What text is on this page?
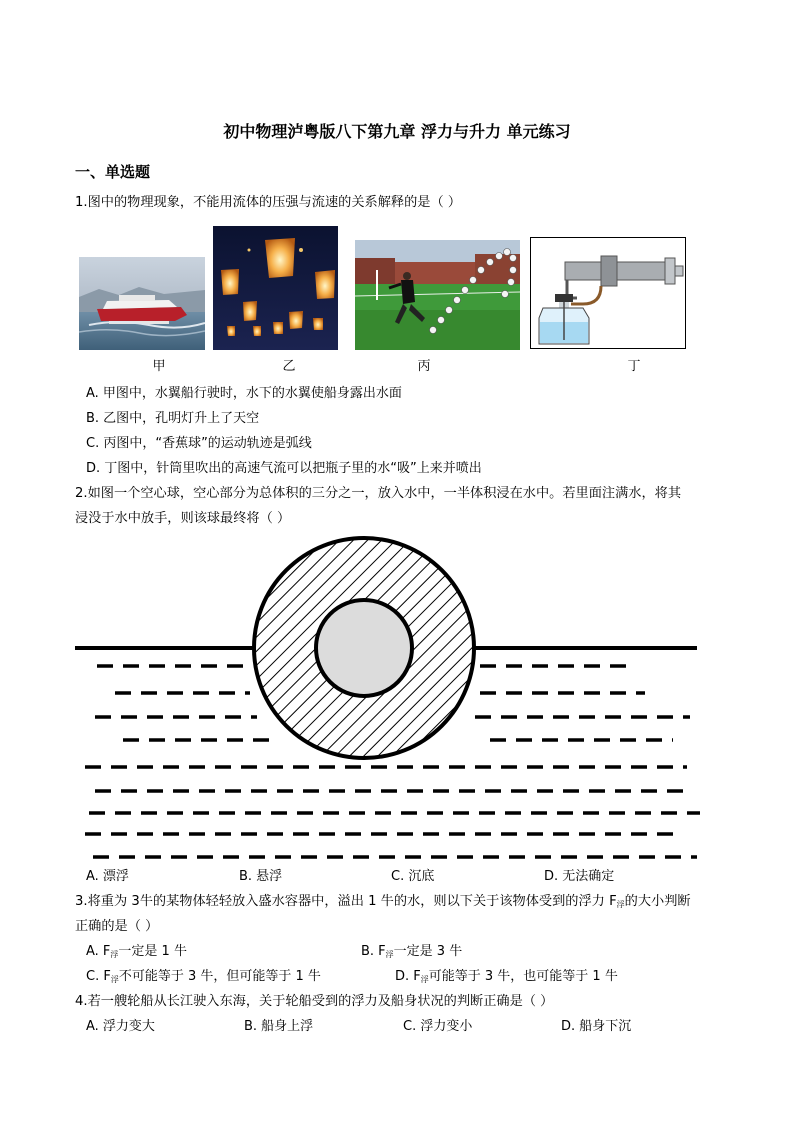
初中物理泸粤版八下第九章 浮力与升力 单元练习
一、单选题
1.图中的物理现象，不能用流体的压强与流速的关系解释的是（ ）
甲	乙	丙	丁
A. 甲图中，水翼船行驶时，水下的水翼使船身露出水面
B. 乙图中，孔明灯升上了天空
C. 丙图中，“香蕉球”的运动轨迹是弧线
D. 丁图中，针筒里吹出的高速气流可以把瓶子里的水“吸”上来并喷出
2.如图一个空心球，空心部分为总体积的三分之一，放入水中，一半体积浸在水中。若里面注满水，将其
浸没于水中放手，则该球最终将（ ）
A. 漂浮	B. 悬浮	C. 沉底	D. 无法确定
3.将重为 3牛的某物体轻轻放入盛水容器中，溢出 1 牛的水，则以下关于该物体受到的浮力 $F_浮$的大小判断
正确的是（ ）
A. $F_浮$一定是 1 牛	B. $F_浮$一定是 3 牛
C. $F_浮$不可能等于 3 牛，但可能等于 1 牛	D. $F_浮$可能等于 3 牛，也可能等于 1 牛
4.若一艘轮船从长江驶入东海，关于轮船受到的浮力及船身状况的判断正确是（ ）
A. 浮力变大	B. 船身上浮	C. 浮力变小	D. 船身下沉
